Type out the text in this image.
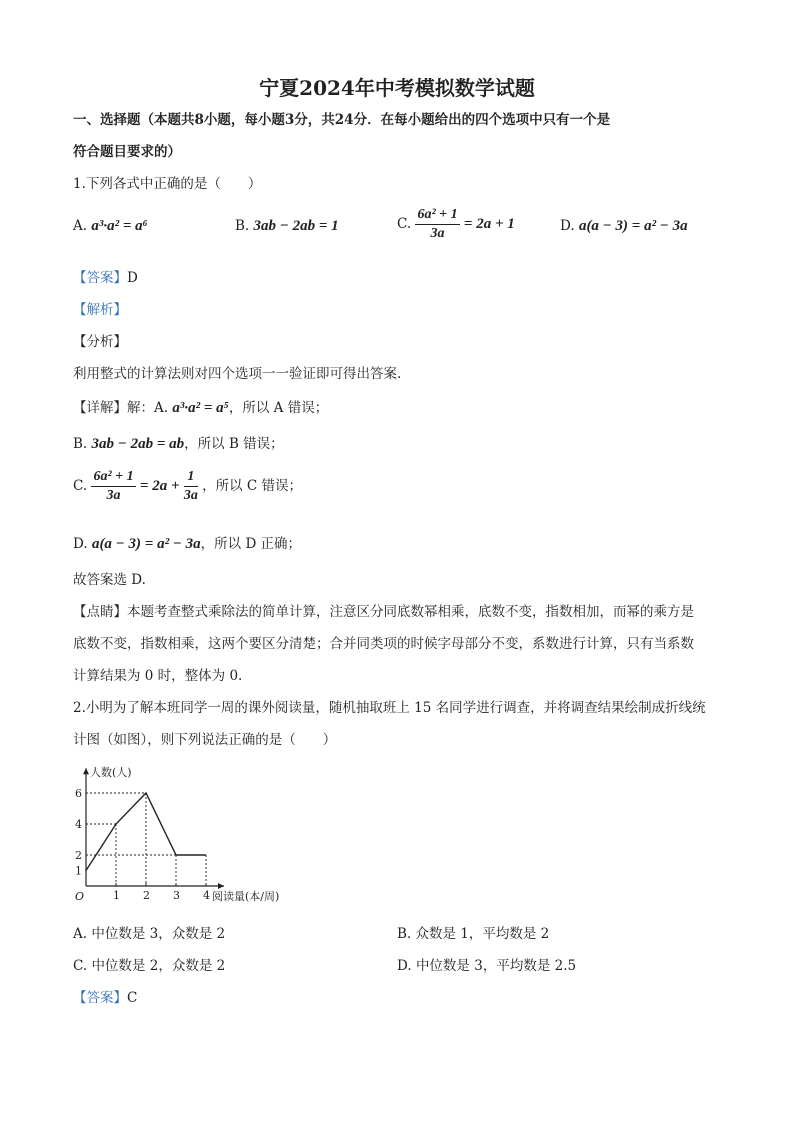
宁夏2024年中考模拟数学试题
一、选择题（本题共8小题，每小题3分，共24分．在每小题给出的四个选项中只有一个是
符合题目要求的）
1.下列各式中正确的是（　　）
A. a³·a² = a⁶	B. 3ab − 2ab = 1	C. $\frac{\text{6a² + 1}}{3a} = 2a + 1$	D. a(a − 3) = a² − 3a
【答案】D
【解析】
【分析】
利用整式的计算法则对四个选项一一验证即可得出答案.
【详解】解：A. a³·a² = a⁵，所以 A 错误；
B. 3ab − 2ab = ab，所以 B 错误；
C. $\frac{\text{6a² + 1}}{3a} = 2a + \frac{1}{3a}$ ，所以 C 错误；
D. a(a − 3) = a² − 3a，所以 D 正确；
故答案选 D.
【点睛】本题考查整式乘除法的简单计算，注意区分同底数幂相乘，底数不变，指数相加，而幂的乘方是
底数不变，指数相乘，这两个要区分清楚；合并同类项的时候字母部分不变，系数进行计算，只有当系数
计算结果为 0 时，整体为 0.
2.小明为了解本班同学一周的课外阅读量，随机抽取班上 15 名同学进行调查，并将调查结果绘制成折线统
计图（如图），则下列说法正确的是（　　）
1 2 3 4
1
2
4
6
O
人数(人)
阅读量(本/周)
A. 中位数是 3，众数是 2	B. 众数是 1，平均数是 2
C. 中位数是 2，众数是 2	D. 中位数是 3，平均数是 2.5
【答案】C
